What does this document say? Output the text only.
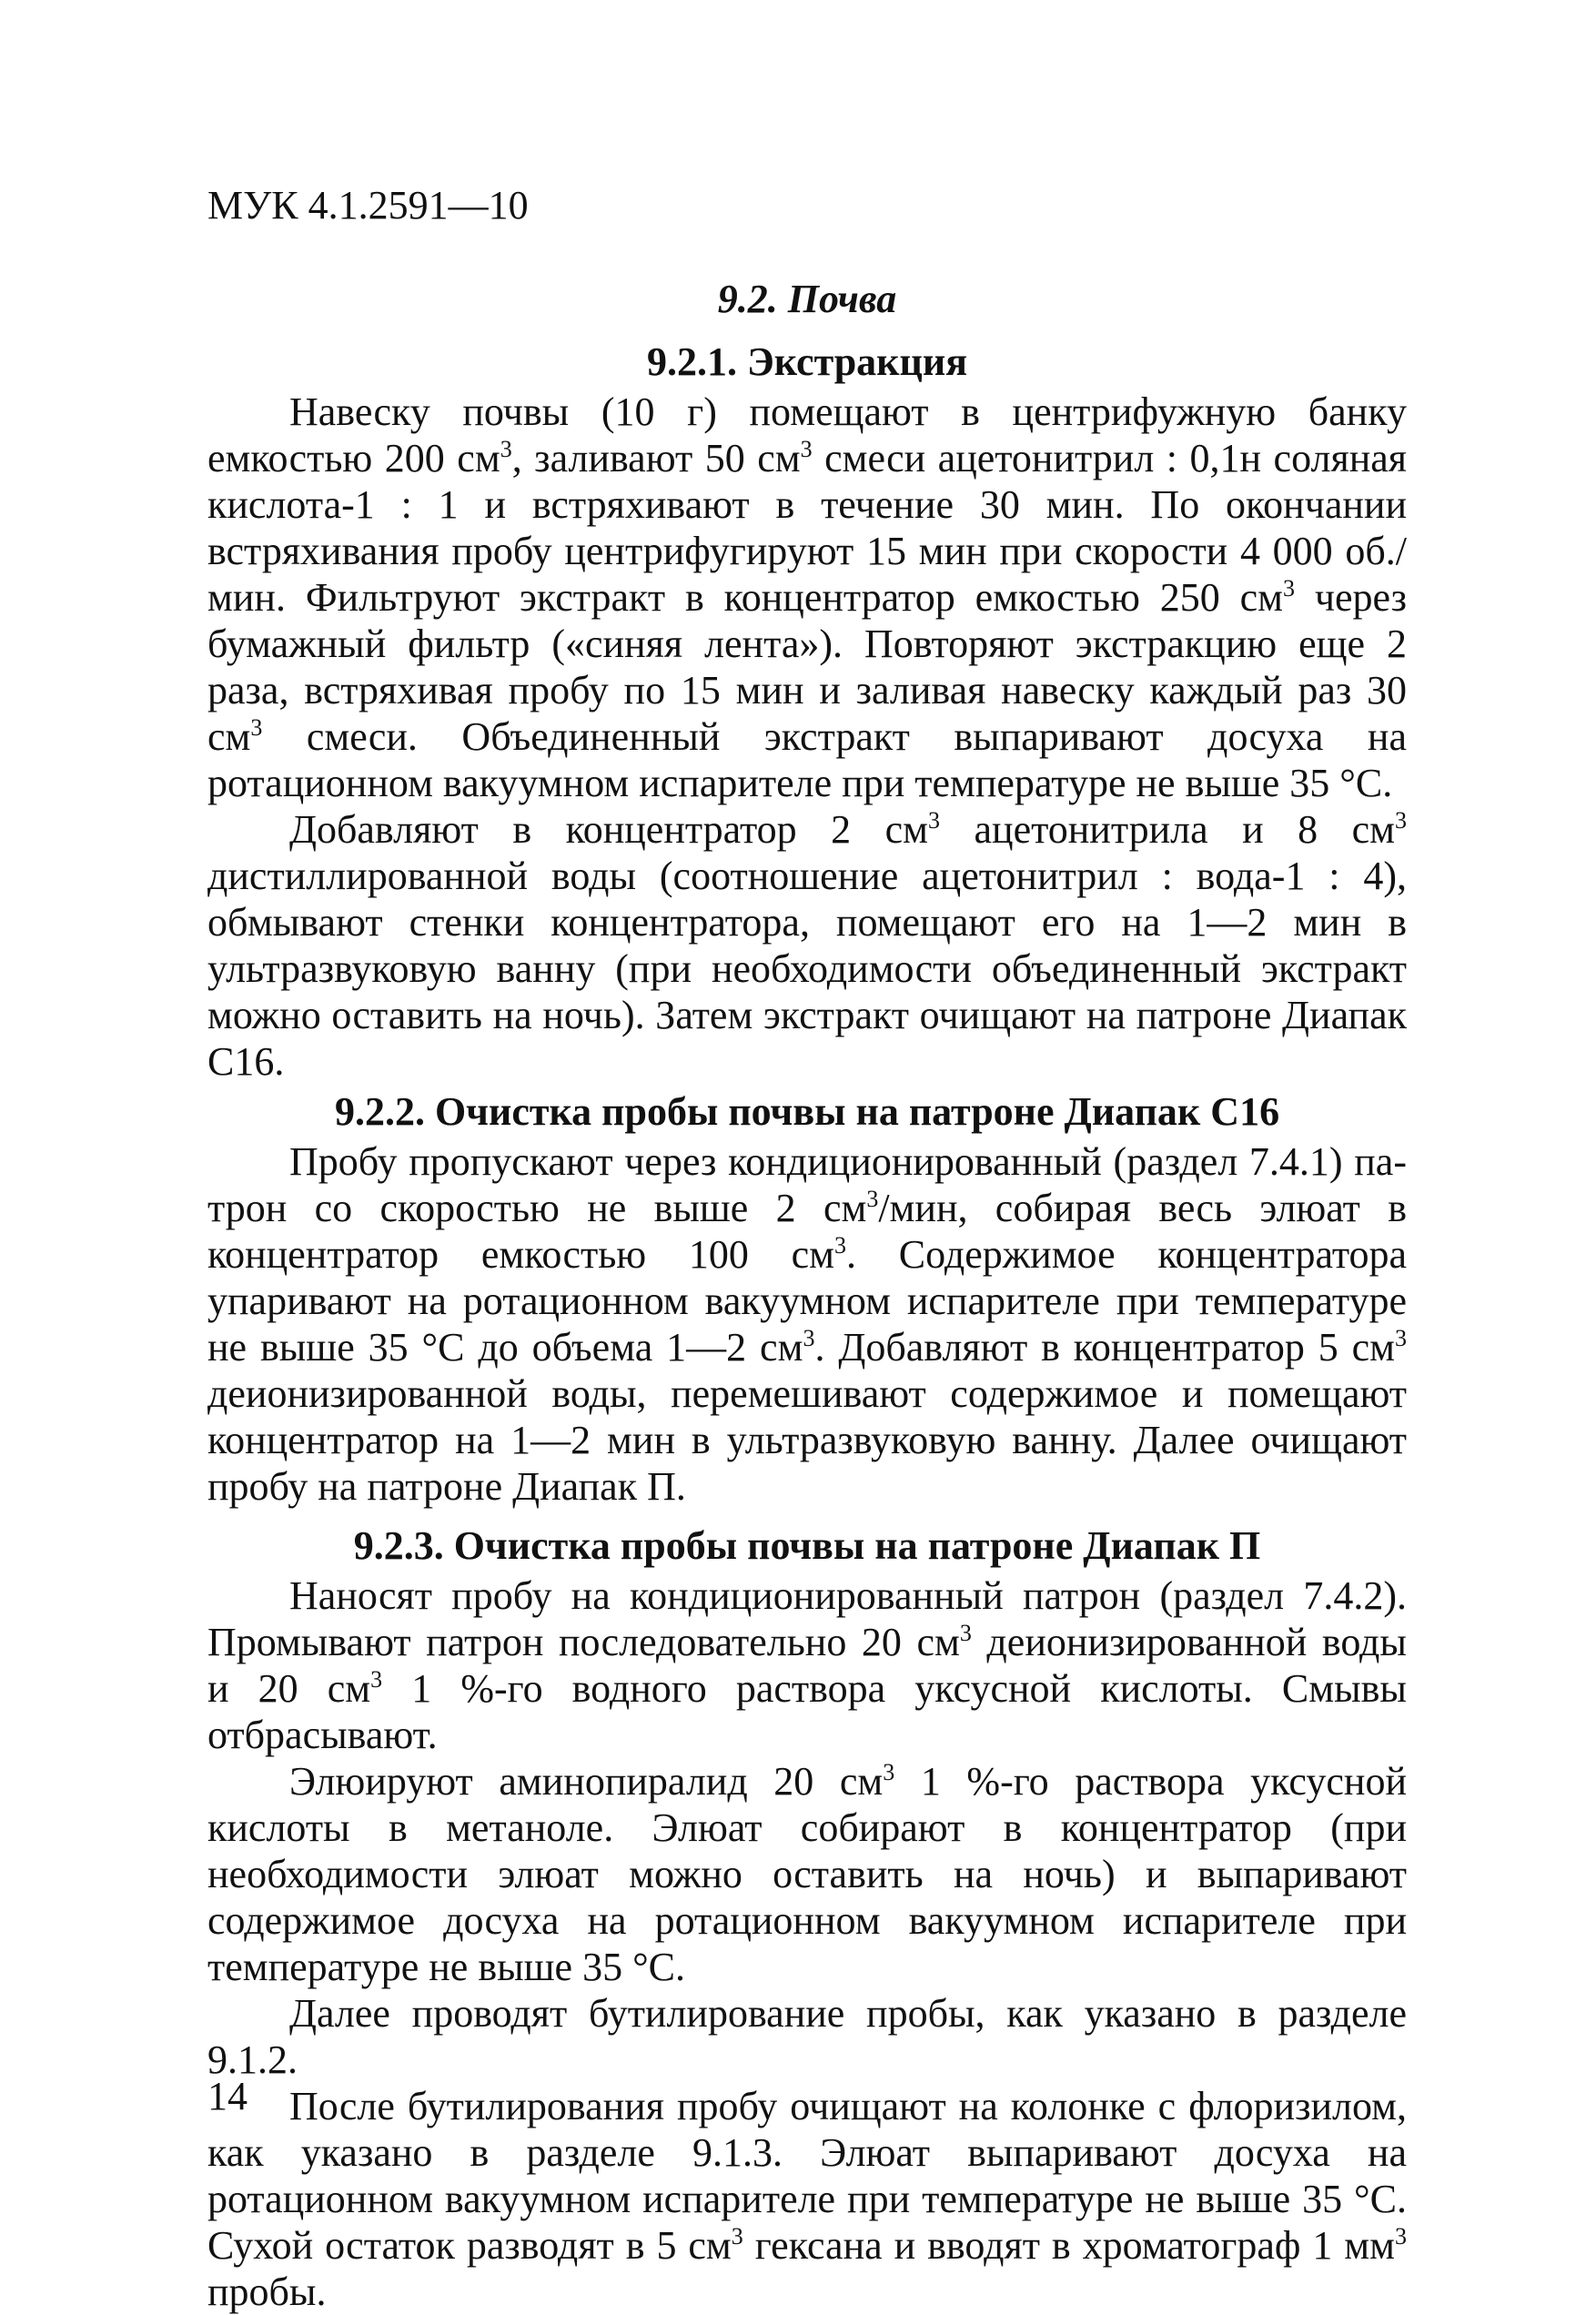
МУК 4.1.2591—10
9.2. Почва
9.2.1. Экстракция

Навеску почвы (10 г) помещают в центрифужную банку емкостью 200 $см^3$, заливают 50 $см^3$ смеси ацетонитрил : 0,1н соляная кислота-1 : 1 и встряхивают в течение 30 мин. По окончании встряхивания пробу центрифугируют 15 мин при скорости 4 000 об./мин. Фильтруют экстракт в концентратор емкостью 250 $см^3$ через бумажный фильтр («синяя лента»). Повторяют экстракцию еще 2 раза, встряхивая пробу по 15 мин и заливая навеску каждый раз 30 $см^3$ смеси. Объединенный экстракт выпаривают досуха на ротационном вакуумном испарителе при температуре не выше 35 °С.

Добавляют в концентратор 2 $см^3$ ацетонитрила и 8 $см^3$ дистиллированной воды (соотношение ацетонитрил : вода-1 : 4), обмывают стенки концентратора, помещают его на 1—2 мин в ультразвуковую ванну (при необходимости объединенный экстракт можно оставить на ночь). Затем экстракт очищают на патроне Диапак С16.

9.2.2. Очистка пробы почвы на патроне Диапак С16

Пробу пропускают через кондиционированный (раздел 7.4.1) патрон со скоростью не выше 2 $см^3$/мин, собирая весь элюат в концентратор емкостью 100 $см^3$. Содержимое концентратора упаривают на ротационном вакуумном испарителе при температуре не выше 35 °С до объема 1—2 $см^3$. Добавляют в концентратор 5 $см^3$ деионизированной воды, перемешивают содержимое и помещают концентратор на 1—2 мин в ультразвуковую ванну. Далее очищают пробу на патроне Диапак П.

9.2.3. Очистка пробы почвы на патроне Диапак П

Наносят пробу на кондиционированный патрон (раздел 7.4.2). Промывают патрон последовательно 20 $см^3$ деионизированной воды и 20 $см^3$ 1 %-го водного раствора уксусной кислоты. Смывы отбрасывают.

Элюируют аминопиралид 20 $см^3$ 1 %-го раствора уксусной кислоты в метаноле. Элюат собирают в концентратор (при необходимости элюат можно оставить на ночь) и выпаривают содержимое досуха на ротационном вакуумном испарителе при температуре не выше 35 °С.

Далее проводят бутилирование пробы, как указано в разделе 9.1.2.

После бутилирования пробу очищают на колонке с флоризилом, как указано в разделе 9.1.3. Элюат выпаривают досуха на ротационном вакуумном испарителе при температуре не выше 35 °С. Сухой остаток разводят в 5 $см^3$ гексана и вводят в хроматограф 1 $мм^3$ пробы.

14
